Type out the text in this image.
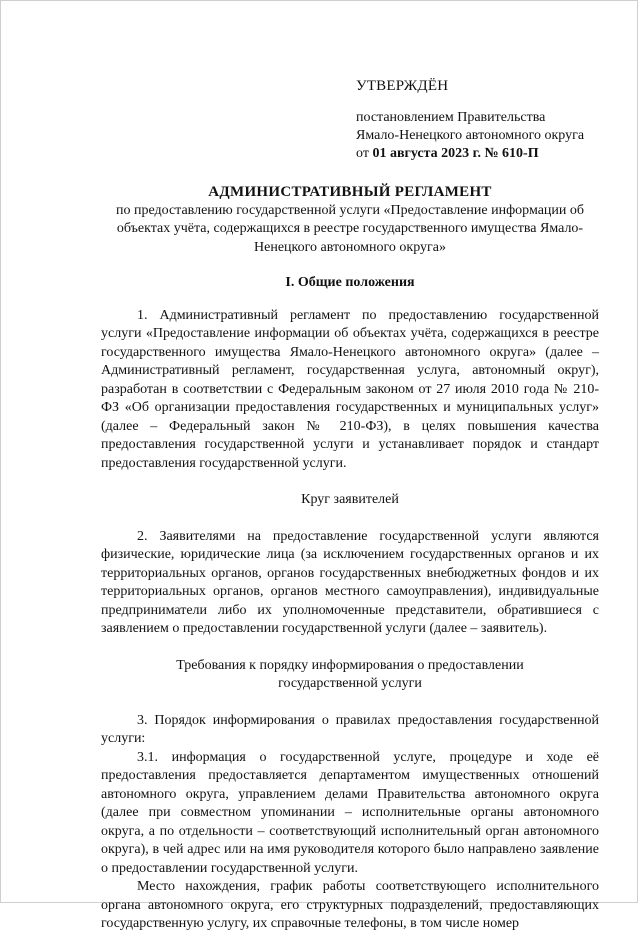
УТВЕРЖДЁН
постановлением Правительства
Ямало-Ненецкого автономного округа
от 01 августа 2023 г. № 610-П
АДМИНИСТРАТИВНЫЙ РЕГЛАМЕНТ
по предоставлению государственной услуги «Предоставление информации об объектах учёта, содержащихся в реестре государственного имущества Ямало-Ненецкого автономного округа»
I. Общие положения

1. Административный регламент по предоставлению государственной услуги «Предоставление информации об объектах учёта, содержащихся в реестре государственного имущества Ямало-Ненецкого автономного округа» (далее – Административный регламент, государственная услуга, автономный округ), разработан в соответствии с Федеральным законом от 27 июля 2010 года № 210-ФЗ «Об организации предоставления государственных и муниципальных услуг» (далее – Федеральный закон № 210-ФЗ), в целях повышения качества предоставления государственной услуги и устанавливает порядок и стандарт предоставления государственной услуги.

Круг заявителей

2. Заявителями на предоставление государственной услуги являются физические, юридические лица (за исключением государственных органов и их территориальных органов, органов государственных внебюджетных фондов и их территориальных органов, органов местного самоуправления), индивидуальные предприниматели либо их уполномоченные представители, обратившиеся с заявлением о предоставлении государственной услуги (далее – заявитель).

Требования к порядку информирования о предоставлении
государственной услуги

3. Порядок информирования о правилах предоставления государственной услуги:

3.1. информация о государственной услуге, процедуре и ходе её предоставления предоставляется департаментом имущественных отношений автономного округа, управлением делами Правительства автономного округа (далее при совместном упоминании – исполнительные органы автономного округа, а по отдельности – соответствующий исполнительный орган автономного округа), в чей адрес или на имя руководителя которого было направлено заявление о предоставлении государственной услуги.

Место нахождения, график работы соответствующего исполнительного органа автономного округа, его структурных подразделений, предоставляющих государственную услугу, их справочные телефоны, в том числе номер
